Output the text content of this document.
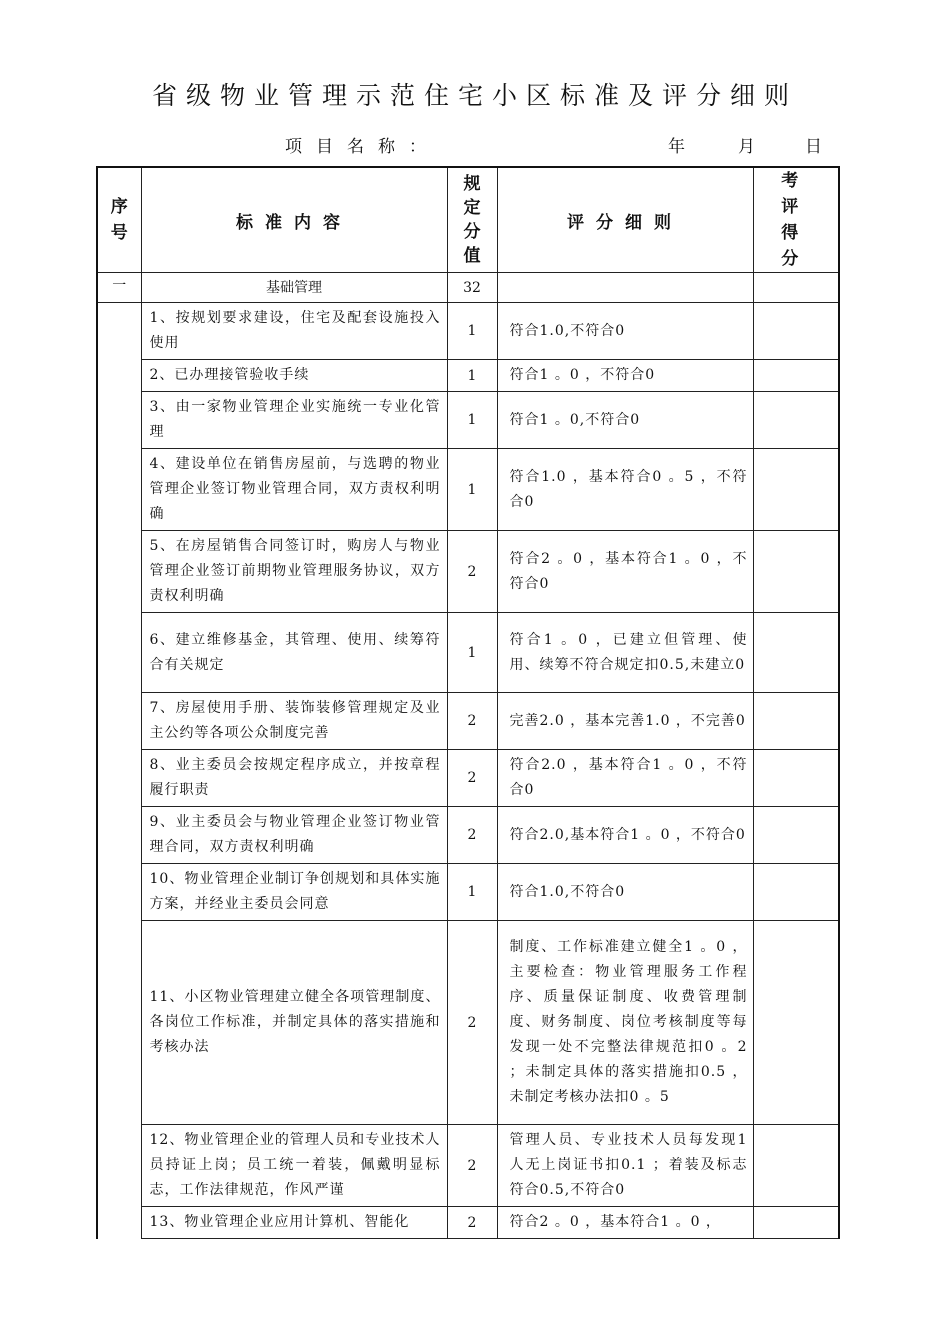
省级物业管理示范住宅小区标准及评分细则
项目名称：	年	月	日
序号	标准内容	规定分值	评分细则	考评得分
一	基础管理	32		
	1、按规划要求建设，住宅及配套设施投入使用	1	符合1.0,不符合0	
	2、已办理接管验收手续	1	符合1 。0 ，不符合0	
	3、由一家物业管理企业实施统一专业化管理	1	符合1 。0,不符合0	
	4、建设单位在销售房屋前，与选聘的物业管理企业签订物业管理合同，双方责权利明确	1	符合1.0 ，基本符合0 。5 ，不符合0	
	5、在房屋销售合同签订时，购房人与物业管理企业签订前期物业管理服务协议，双方责权利明确	2	符合2 。0 ，基本符合1 。0 ，不符合0	
	6、建立维修基金，其管理、使用、续筹符合有关规定	1	符合1 。0 ，已建立但管理、使用、续筹不符合规定扣0.5,未建立0	
	7、房屋使用手册、装饰装修管理规定及业主公约等各项公众制度完善	2	完善2.0 ，基本完善1.0 ，不完善0	
	8、业主委员会按规定程序成立，并按章程履行职责	2	符合2.0 ，基本符合1 。0 ，不符合0	
	9、业主委员会与物业管理企业签订物业管理合同，双方责权利明确	2	符合2.0,基本符合1 。0 ，不符合0	
	10、物业管理企业制订争创规划和具体实施方案，并经业主委员会同意	1	符合1.0,不符合0	
	11、小区物业管理建立健全各项管理制度、各岗位工作标准，并制定具体的落实措施和考核办法	2	制度、工作标准建立健全1 。0 ，主要检查：物业管理服务工作程序、质量保证制度、收费管理制度、财务制度、岗位考核制度等每发现一处不完整法律规范扣0 。2 ；未制定具体的落实措施扣0.5 ，未制定考核办法扣0 。5	
	12、物业管理企业的管理人员和专业技术人员持证上岗；员工统一着装，佩戴明显标志，工作法律规范，作风严谨	2	管理人员、专业技术人员每发现1 人无上岗证书扣0.1 ；着装及标志符合0.5,不符合0	
	13、物业管理企业应用计算机、智能化	2	符合2 。0 ，基本符合1 。0 ，	
